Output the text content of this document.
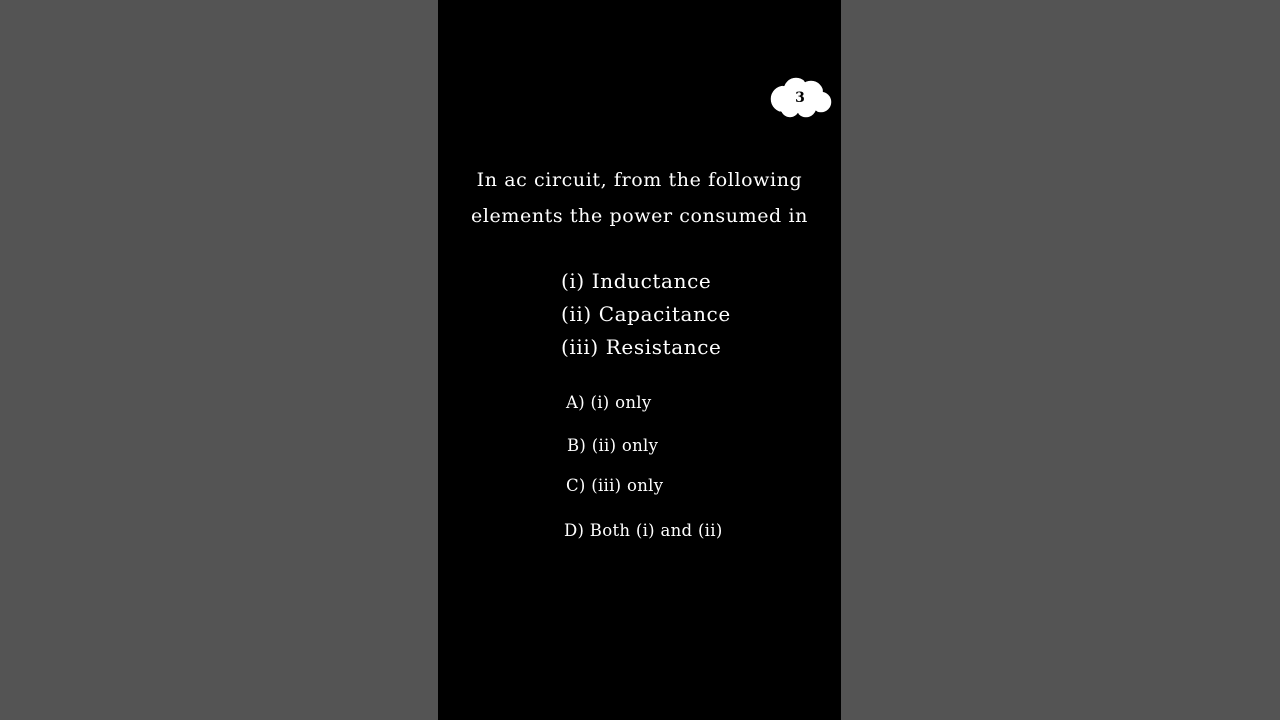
3
In ac circuit, from the following
elements the power consumed in
(i) Inductance
(ii) Capacitance
(iii) Resistance
A) (i) only
B) (ii) only
C) (iii) only
D) Both (i) and (ii)
